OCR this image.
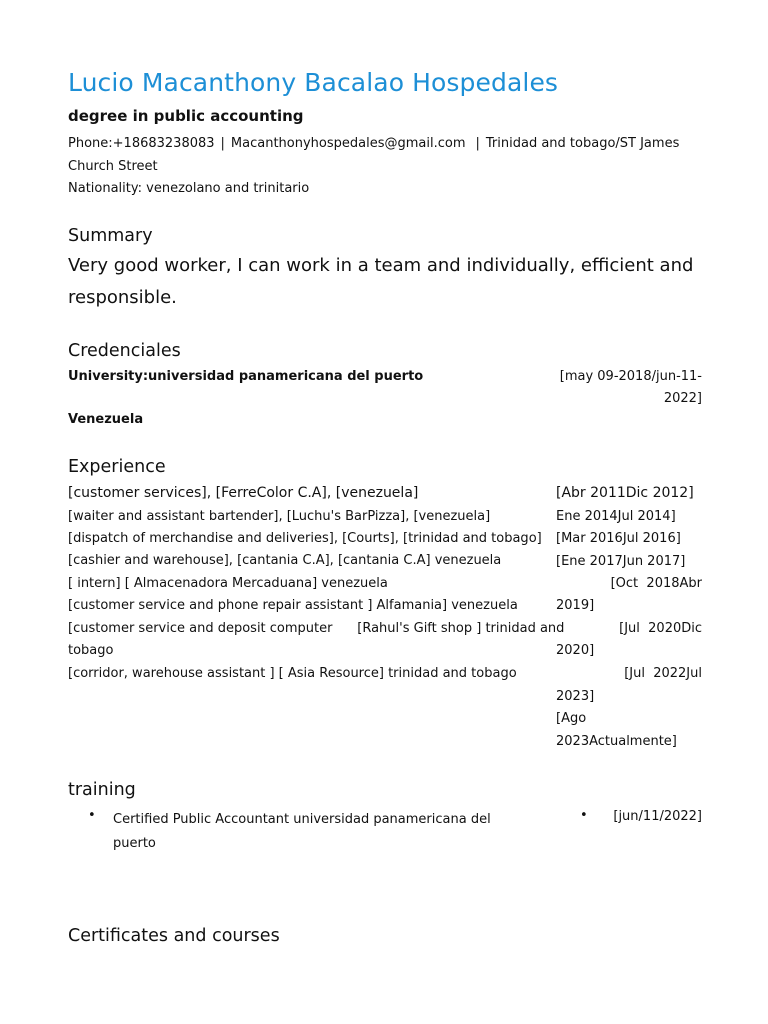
Lucio Macanthony Bacalao Hospedales
degree in public accounting
Phone:+18683238083 | Macanthonyhospedales@gmail.com | Trinidad and tobago/ST James Church Street
Nationality: venezolano and trinitario
Summary
Very good worker, I can work in a team and individually, efficient and responsible.
Credenciales
University:universidad panamericana del puerto	[may 09-2018/jun-11-
2022]
Venezuela
Experience
[customer services], [FerreColor C.A], [venezuela]
[waiter and assistant bartender], [Luchu's BarPizza], [venezuela]
[dispatch of merchandise and deliveries], [Courts], [trinidad and tobago]
[cashier and warehouse], [cantania C.A], [cantania C.A] venezuela
[ intern] [ Almacenadora Mercaduana] venezuela
[customer service and phone repair assistant ] Alfamania] venezuela
[customer service and deposit computer      [Rahul's Gift shop ] trinidad and
tobago
[corridor, warehouse assistant ] [ Asia Resource] trinidad and tobago
[Abr 2011Dic 2012]
Ene 2014Jul 2014]
[Mar 2016Jul 2016]
[Ene 2017Jun 2017]
[Oct  2018Abr
2019]
[Jul  2020Dic
2020]
[Jul  2022Jul
2023]
[Ago
2023Actualmente]
training
• Certified Public Accountant universidad panamericana del
puerto
• [jun/11/2022]
Certificates and courses
